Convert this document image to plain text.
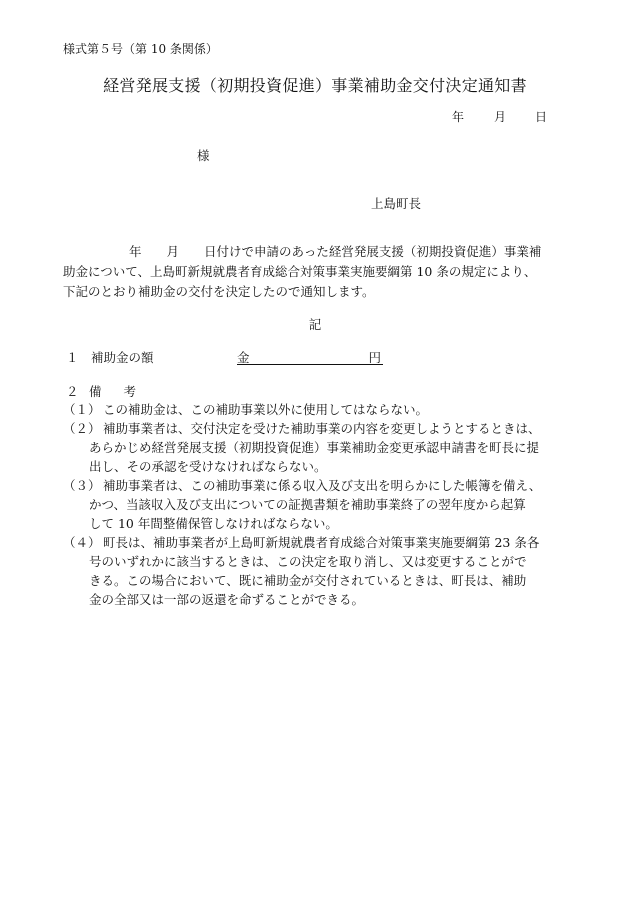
様式第５号（第 10 条関係）
経営発展支援（初期投資促進）事業補助金交付決定通知書
年 月 日
様
上島町長
年　　月　　日付けで申請のあった経営発展支援（初期投資促進）事業補
助金について、上島町新規就農者育成総合対策事業実施要綱第 10 条の規定により、
下記のとおり補助金の交付を決定したので通知します。
記
１ 補助金の額	金	円
２ 備 考
（１） この補助金は、この補助事業以外に使用してはならない。
（２） 補助事業者は、交付決定を受けた補助事業の内容を変更しようとするときは、
あらかじめ経営発展支援（初期投資促進）事業補助金変更承認申請書を町長に提
出し、その承認を受けなければならない。
（３） 補助事業者は、この補助事業に係る収入及び支出を明らかにした帳簿を備え、
かつ、当該収入及び支出についての証拠書類を補助事業終了の翌年度から起算
して 10 年間整備保管しなければならない。
（４） 町長は、補助事業者が上島町新規就農者育成総合対策事業実施要綱第 23 条各
号のいずれかに該当するときは、この決定を取り消し、又は変更することがで
きる。この場合において、既に補助金が交付されているときは、町長は、補助
金の全部又は一部の返還を命ずることができる。
